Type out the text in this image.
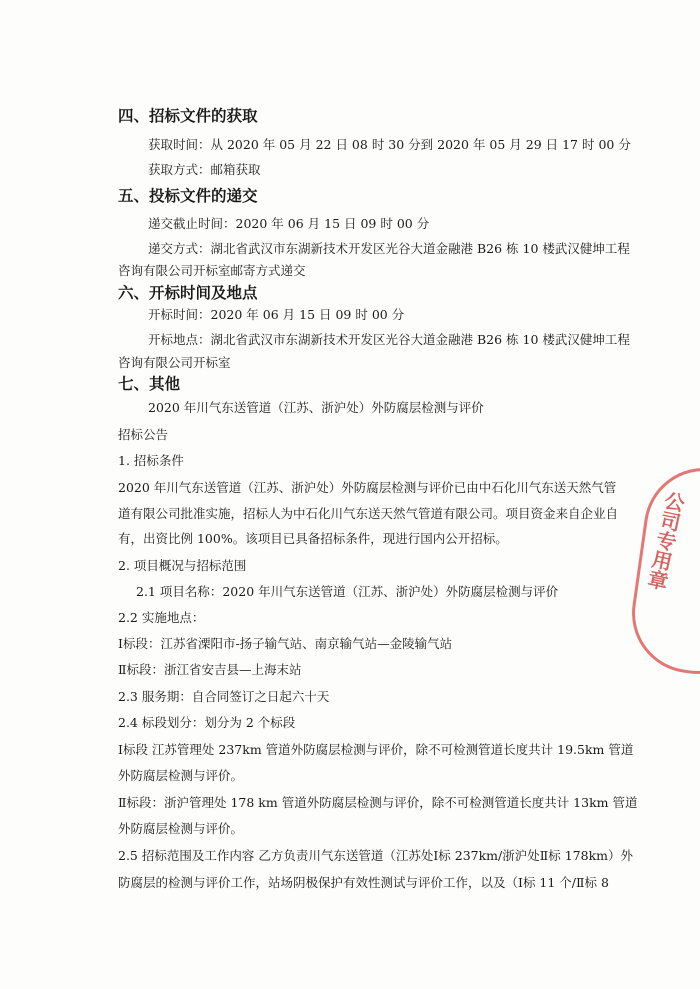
四、招标文件的获取
获取时间：从 2020 年 05 月 22 日 08 时 30 分到 2020 年 05 月 29 日 17 时 00 分
获取方式：邮箱获取
五、投标文件的递交
递交截止时间：2020 年 06 月 15 日 09 时 00 分
递交方式：湖北省武汉市东湖新技术开发区光谷大道金融港 B26 栋 10 楼武汉健坤工程
咨询有限公司开标室邮寄方式递交
六、开标时间及地点
开标时间：2020 年 06 月 15 日 09 时 00 分
开标地点：湖北省武汉市东湖新技术开发区光谷大道金融港 B26 栋 10 楼武汉健坤工程
咨询有限公司开标室
七、其他
2020 年川气东送管道（江苏、浙沪处）外防腐层检测与评价
招标公告
1. 招标条件
2020 年川气东送管道（江苏、浙沪处）外防腐层检测与评价已由中石化川气东送天然气管
道有限公司批准实施，招标人为中石化川气东送天然气管道有限公司。项目资金来自企业自
有，出资比例 100%。该项目已具备招标条件，现进行国内公开招标。
2. 项目概况与招标范围
2.1 项目名称：2020 年川气东送管道（江苏、浙沪处）外防腐层检测与评价
2.2 实施地点：
Ⅰ标段：江苏省溧阳市-扬子输气站、南京输气站—金陵输气站
Ⅱ标段：浙江省安吉县—上海末站
2.3 服务期：自合同签订之日起六十天
2.4 标段划分：划分为 2 个标段
Ⅰ标段 江苏管理处 237km 管道外防腐层检测与评价，除不可检测管道长度共计 19.5km 管道
外防腐层检测与评价。
Ⅱ标段：浙沪管理处 178 km 管道外防腐层检测与评价，除不可检测管道长度共计 13km 管道
外防腐层检测与评价。
2.5 招标范围及工作内容 乙方负责川气东送管道（江苏处Ⅰ标 237km/浙沪处Ⅱ标 178km）外
防腐层的检测与评价工作，站场阴极保护有效性测试与评价工作，以及（Ⅰ标 11 个/Ⅱ标 8
公司专用章
